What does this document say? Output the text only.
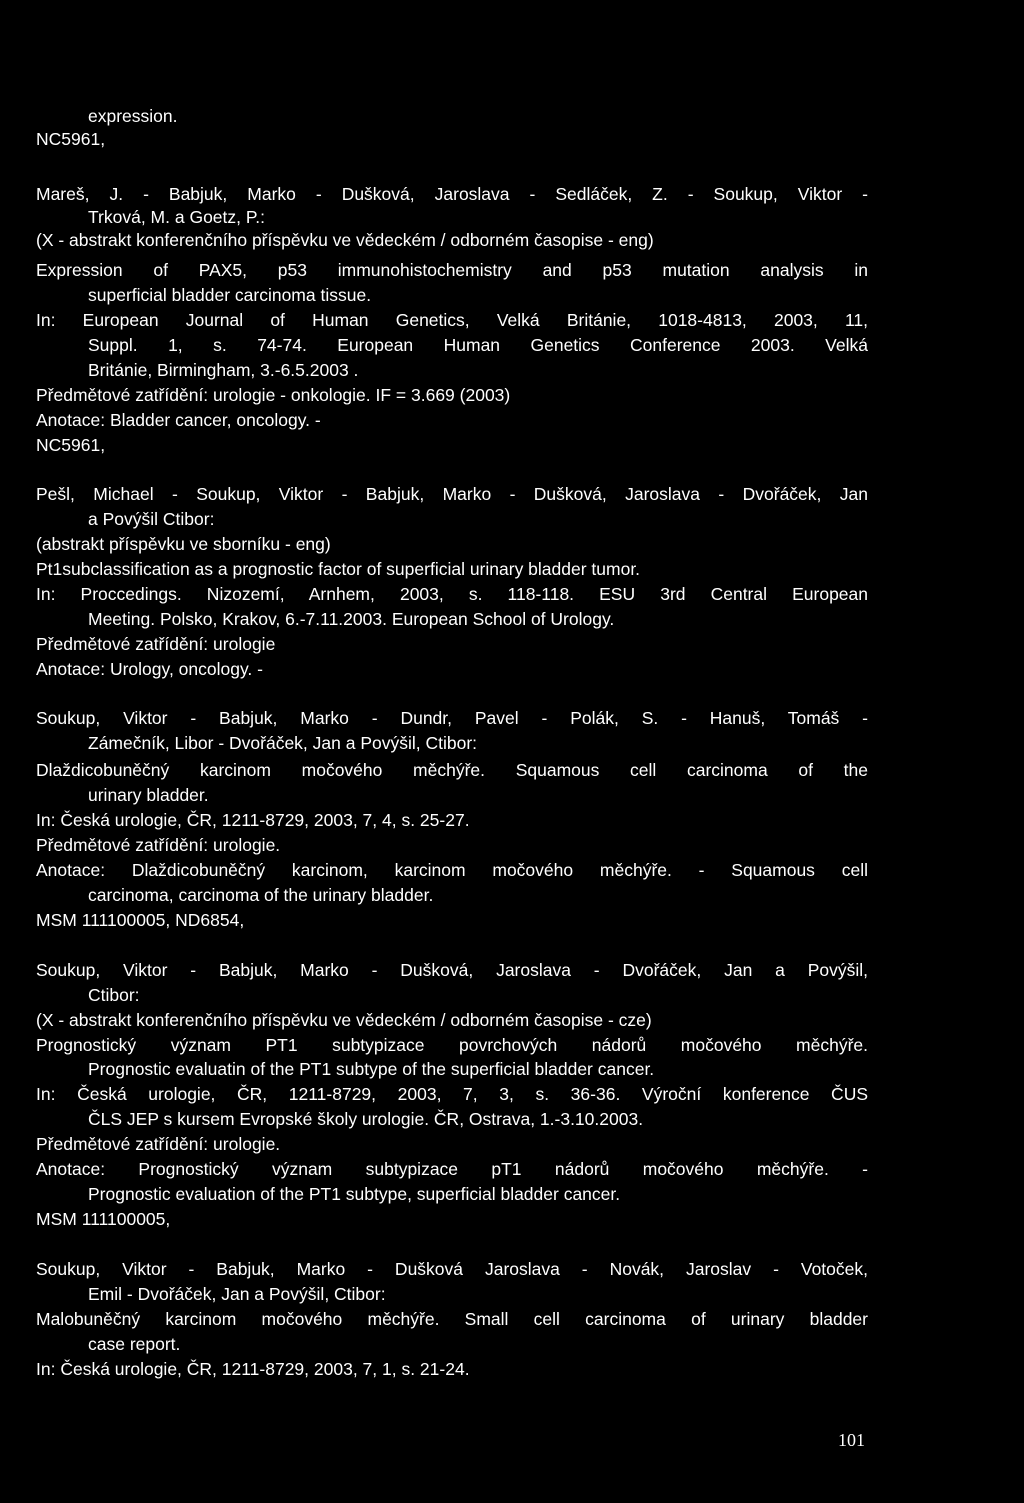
expression.
NC5961,
Mareš, J. - Babjuk, Marko - Dušková, Jaroslava - Sedláček, Z. - Soukup, Viktor -
Trková, M. a Goetz, P.:
(X - abstrakt konferenčního příspěvku ve vědeckém / odborném časopise - eng)
Expression of PAX5, p53 immunohistochemistry and p53 mutation analysis in
superficial bladder carcinoma tissue.
In: European Journal of Human Genetics, Velká Británie, 1018-4813, 2003, 11,
Suppl. 1, s. 74-74. European Human Genetics Conference 2003. Velká
Británie, Birmingham, 3.-6.5.2003 .
Předmětové zatřídění: urologie - onkologie. IF = 3.669 (2003)
Anotace: Bladder cancer, oncology. -
NC5961,
Pešl, Michael - Soukup, Viktor - Babjuk, Marko - Dušková, Jaroslava - Dvořáček, Jan
a Povýšil Ctibor:
(abstrakt příspěvku ve sborníku - eng)
Pt1subclassification as a prognostic factor of superficial urinary bladder tumor.
In: Proccedings. Nizozemí, Arnhem, 2003, s. 118-118. ESU 3rd Central European
Meeting. Polsko, Krakov, 6.-7.11.2003. European School of Urology.
Předmětové zatřídění: urologie
Anotace: Urology, oncology. -
Soukup, Viktor - Babjuk, Marko - Dundr, Pavel - Polák, S. - Hanuš, Tomáš -
Zámečník, Libor - Dvořáček, Jan a Povýšil, Ctibor:
Dlaždicobuněčný karcinom močového měchýře. Squamous cell carcinoma of the
urinary bladder.
In: Česká urologie, ČR, 1211-8729, 2003, 7, 4, s. 25-27.
Předmětové zatřídění: urologie.
Anotace: Dlaždicobuněčný karcinom, karcinom močového měchýře. - Squamous cell
carcinoma, carcinoma of the urinary bladder.
MSM 111100005, ND6854,
Soukup, Viktor - Babjuk, Marko - Dušková, Jaroslava - Dvořáček, Jan a Povýšil,
Ctibor:
(X - abstrakt konferenčního příspěvku ve vědeckém / odborném časopise - cze)
Prognostický význam PT1 subtypizace povrchových nádorů močového měchýře.
Prognostic evaluatin of the PT1 subtype of the superficial bladder cancer.
In: Česká urologie, ČR, 1211-8729, 2003, 7, 3, s. 36-36. Výroční konference ČUS
ČLS JEP s kursem Evropské školy urologie. ČR, Ostrava, 1.-3.10.2003.
Předmětové zatřídění: urologie.
Anotace: Prognostický význam subtypizace pT1 nádorů močového měchýře. -
Prognostic evaluation of the PT1 subtype, superficial bladder cancer.
MSM 111100005,
Soukup, Viktor - Babjuk, Marko - Dušková Jaroslava - Novák, Jaroslav - Votoček,
Emil - Dvořáček, Jan a Povýšil, Ctibor:
Malobuněčný karcinom močového měchýře. Small cell carcinoma of urinary bladder
case report.
In: Česká urologie, ČR, 1211-8729, 2003, 7, 1, s. 21-24.
101
